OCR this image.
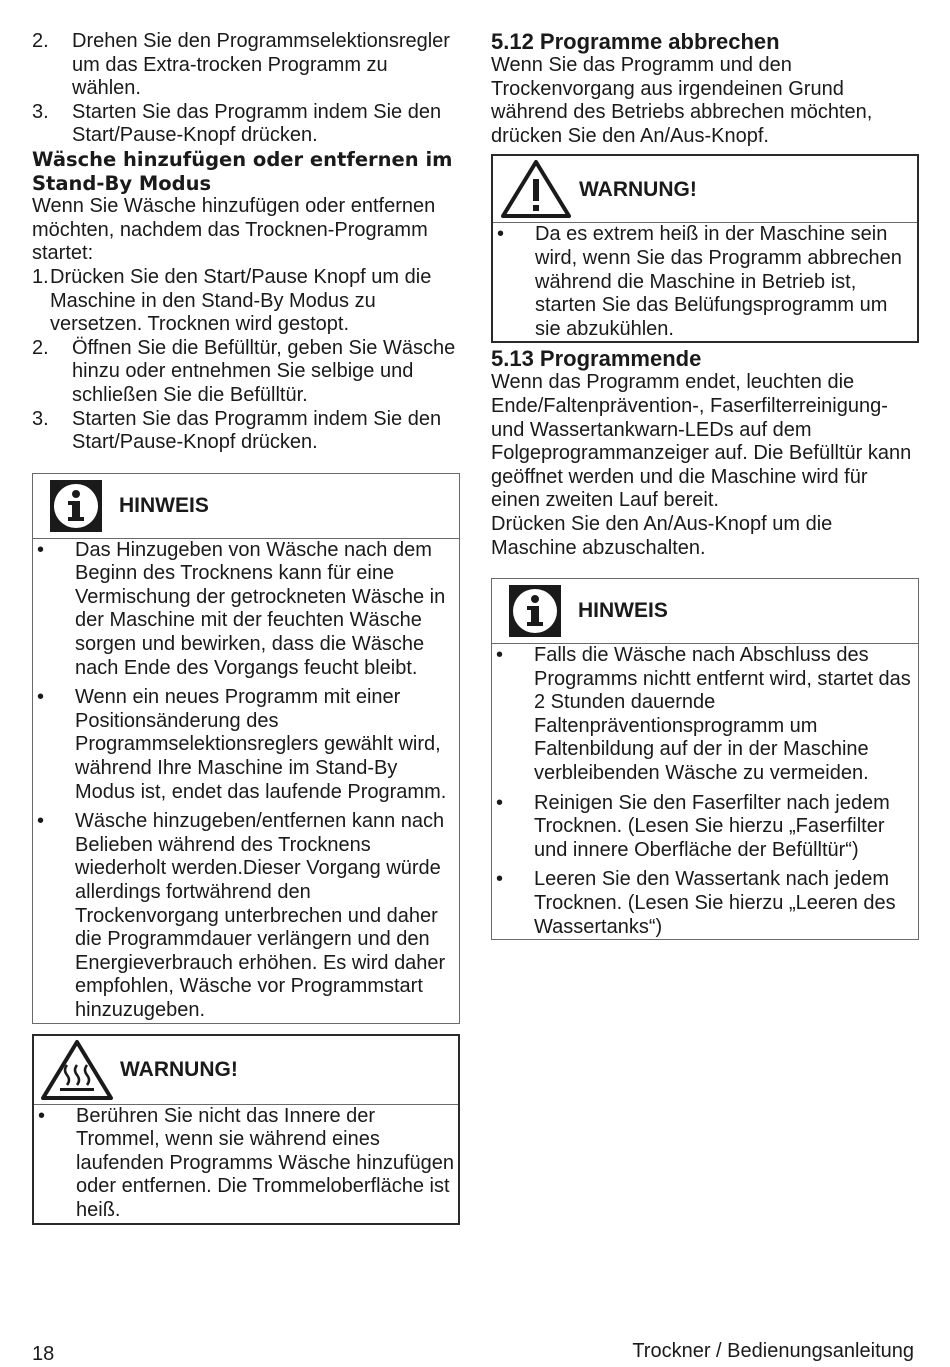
2.	Drehen Sie den Programmselektionsregler um das Extra-trocken Programm zu wählen.
3.	Starten Sie das Programm indem Sie den Start/Pause-Knopf drücken.
Wäsche hinzufügen oder entfernen im Stand-By Modus

Wenn Sie Wäsche hinzufügen oder entfernen möchten, nachdem das Trocknen-Programm startet:

1. Drücken Sie den Start/Pause Knopf um die Maschine in den Stand-By Modus zu versetzen. Trocknen wird gestopt.
2.	Öffnen Sie die Befülltür, geben Sie Wäsche hinzu oder entnehmen Sie selbige und schließen Sie die Befülltür.
3.	Starten Sie das Programm indem Sie den Start/Pause-Knopf drücken.
HINWEIS
•	Das Hinzugeben von Wäsche nach dem Beginn des Trocknens kann für eine Vermischung der getrockneten Wäsche in der Maschine mit der feuchten Wäsche sorgen und bewirken, dass die Wäsche nach Ende des Vorgangs feucht bleibt.
•	Wenn ein neues Programm mit einer Positionsänderung des Programmselektionsreglers gewählt wird, während Ihre Maschine im Stand-By Modus ist, endet das laufende Programm.
•	Wäsche hinzugeben/entfernen kann nach Belieben während des Trocknens wiederholt werden.Dieser Vorgang würde allerdings fortwährend den Trockenvorgang unterbrechen und daher die Programmdauer verlängern und den Energieverbrauch erhöhen. Es wird daher empfohlen, Wäsche vor Programmstart hinzuzugeben.
WARNUNG!
•	Berühren Sie nicht das Innere der Trommel, wenn sie während eines laufenden Programms Wäsche hinzufügen oder entfernen. Die Trommeloberfläche ist heiß.
5.12 Programme abbrechen

Wenn Sie das Programm und den Trockenvorgang aus irgendeinen Grund während des Betriebs abbrechen möchten, drücken Sie den An/Aus-Knopf.

WARNUNG!
•	Da es extrem heiß in der Maschine sein wird, wenn Sie das Programm abbrechen während die Maschine in Betrieb ist, starten Sie das Belüfungsprogramm um sie abzukühlen.
5.13 Programmende

Wenn das Programm endet, leuchten die Ende/Faltenprävention-, Faserfilterreinigung- und Wassertankwarn-LEDs auf dem Folgeprogrammanzeiger auf. Die Befülltür kann geöffnet werden und die Maschine wird für einen zweiten Lauf bereit.

Drücken Sie den An/Aus-Knopf um die Maschine abzuschalten.

HINWEIS
•	Falls die Wäsche nach Abschluss des Programms nichtt entfernt wird, startet das 2 Stunden dauernde Faltenpräventionsprogramm um Faltenbildung auf der in der Maschine verbleibenden Wäsche zu vermeiden.
•	Reinigen Sie den Faserfilter nach jedem Trocknen. (Lesen Sie hierzu „Faserfilter und innere Oberfläche der Befülltür“)
•	Leeren Sie den Wassertank nach jedem Trocknen. (Lesen Sie hierzu „Leeren des Wassertanks“)
18	Trockner / Bedienungsanleitung
